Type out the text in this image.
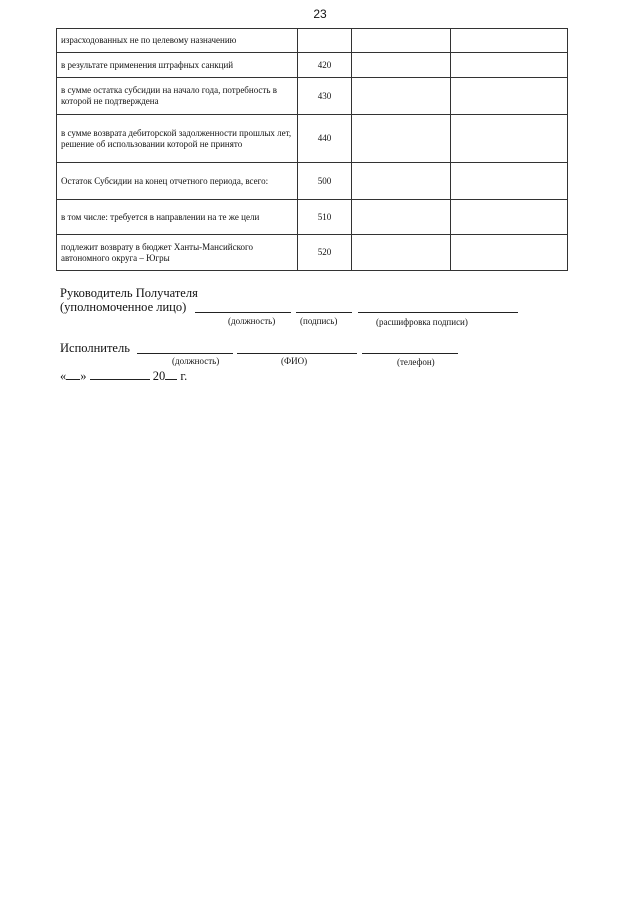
23
израсходованных не по целевому назначению			
в результате применения штрафных санкций	420		
в сумме остатка субсидии на начало года, потребность в которой не подтверждена	430		
в сумме возврата дебиторской задолженности прошлых лет, решение об использовании которой не принято	440		
Остаток Субсидии на конец отчетного периода, всего:	500		
в том числе: требуется в направлении на те же цели	510		
подлежит возврату в бюджет Ханты-Мансийского автономного округа – Югры	520		
Руководитель Получателя
(уполномоченное лицо)
(должность)	(подпись)	(расшифровка подписи)
Исполнитель
(должность)	(ФИО)	(телефон)
« »	20 г.
